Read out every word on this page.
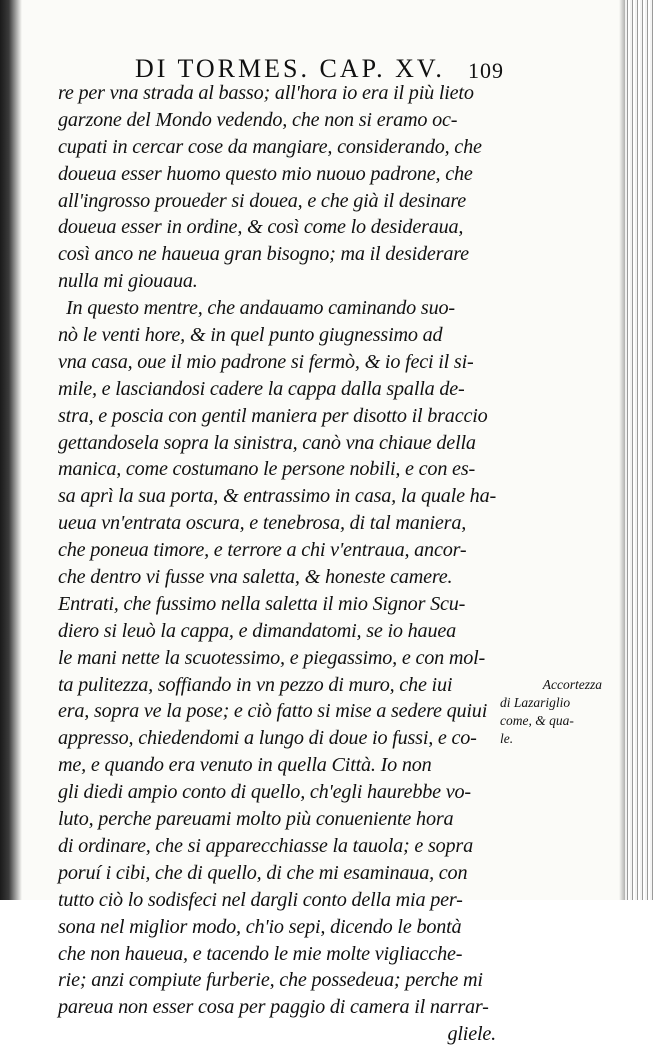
DI TORMES. CAP. XV. 109
re per vna strada al basso; all'hora io era il più lieto
garzone del Mondo vedendo, che non si eramo oc-
cupati in cercar cose da mangiare, considerando, che
doueua esser huomo questo mio nuouo padrone, che
all'ingrosso proueder si douea, e che già il desinare
doueua esser in ordine, & così come lo desideraua,
così anco ne haueua gran bisogno; ma il desiderare
nulla mi giouaua.
In questo mentre, che andauamo caminando suo-
nò le venti hore, & in quel punto giugnessimo ad
vna casa, oue il mio padrone si fermò, & io feci il si-
mile, e lasciandosi cadere la cappa dalla spalla de-
stra, e poscia con gentil maniera per disotto il braccio
gettandosela sopra la sinistra, canò vna chiaue della
manica, come costumano le persone nobili, e con es-
sa aprì la sua porta, & entrassimo in casa, la quale ha-
ueua vn'entrata oscura, e tenebrosa, di tal maniera,
che poneua timore, e terrore a chi v'entraua, ancor-
che dentro vi fusse vna saletta, & honeste camere.
Entrati, che fussimo nella saletta il mio Signor Scu-
diero si leuò la cappa, e dimandatomi, se io hauea
le mani nette la scuotessimo, e piegassimo, e con mol-
ta pulitezza, soffiando in vn pezzo di muro, che iui
era, sopra ve la pose; e ciò fatto si mise a sedere quiui
appresso, chiedendomi a lungo di doue io fussi, e co-
me, e quando era venuto in quella Città. Io non
gli diedi ampio conto di quello, ch'egli haurebbe vo-
luto, perche pareuami molto più conueniente hora
di ordinare, che si apparecchiasse la tauola; e sopra
poruí i cibi, che di quello, di che mi esaminaua, con
tutto ciò lo sodisfeci nel dargli conto della mia per-
sona nel miglior modo, ch'io sepi, dicendo le bontà
che non haueua, e tacendo le mie molte vigliacche-
rie; anzi compiute furberie, che possedeua; perche mi
pareua non esser cosa per paggio di camera il narrar-
gliele.
Accortezza
di Lazariglio
come, & qua-
le.
